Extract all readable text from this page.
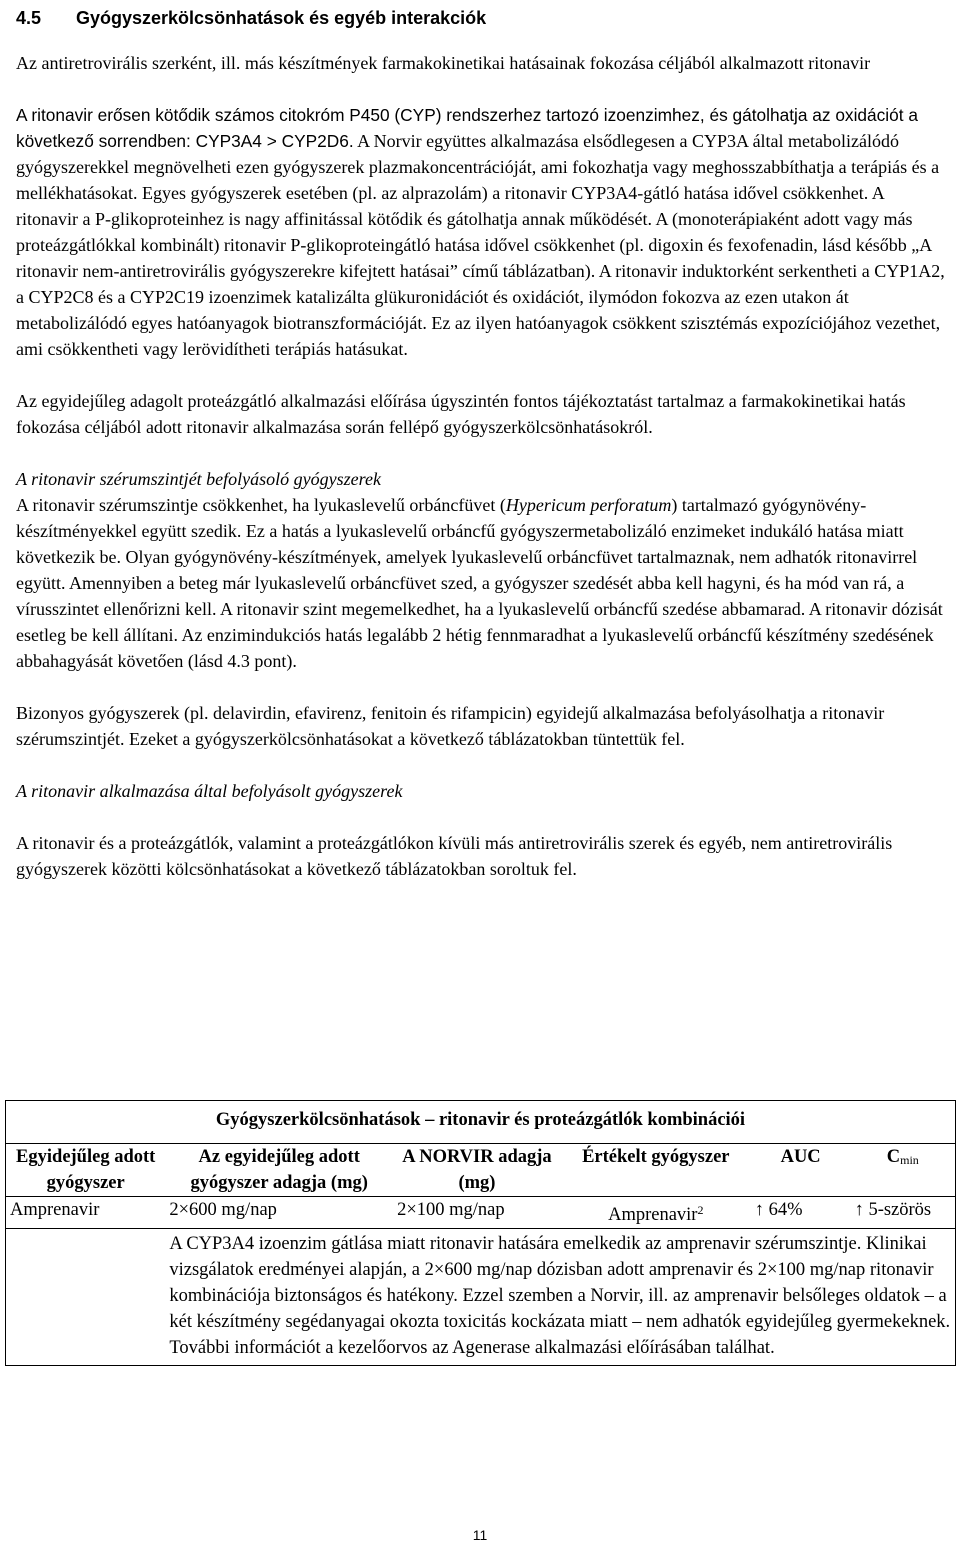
4.5 Gyógyszerkölcsönhatások és egyéb interakciók

Az antiretrovirális szerként, ill. más készítmények farmakokinetikai hatásainak fokozása céljából alkalmazott ritonavir

A ritonavir erősen kötődik számos citokróm P450 (CYP) rendszerhez tartozó izoenzimhez, és gátolhatja az oxidációt a következő sorrendben: CYP3A4 > CYP2D6. A Norvir együttes alkalmazása elsődlegesen a CYP3A által metabolizálódó gyógyszerekkel megnövelheti ezen gyógyszerek plazmakoncentrációját, ami fokozhatja vagy meghosszabbíthatja a terápiás és a mellékhatásokat. Egyes gyógyszerek esetében (pl. az alprazolám) a ritonavir CYP3A4-gátló hatása idővel csökkenhet. A ritonavir a P-glikoproteinhez is nagy affinitással kötődik és gátolhatja annak működését. A (monoterápiaként adott vagy más proteázgátlókkal kombinált) ritonavir P-glikoproteingátló hatása idővel csökkenhet (pl. digoxin és fexofenadin, lásd később „A ritonavir nem-antiretrovirális gyógyszerekre kifejtett hatásai” című táblázatban). A ritonavir induktorként serkentheti a CYP1A2, a CYP2C8 és a CYP2C19 izoenzimek katalizálta glükuronidációt és oxidációt, ilymódon fokozva az ezen utakon át metabolizálódó egyes hatóanyagok biotranszformációját. Ez az ilyen hatóanyagok csökkent szisztémás expozíciójához vezethet, ami csökkentheti vagy lerövidítheti terápiás hatásukat.

Az egyidejűleg adagolt proteázgátló alkalmazási előírása úgyszintén fontos tájékoztatást tartalmaz a farmakokinetikai hatás fokozása céljából adott ritonavir alkalmazása során fellépő gyógyszerkölcsönhatásokról.

A ritonavir szérumszintjét befolyásoló gyógyszerek

A ritonavir szérumszintje csökkenhet, ha lyukaslevelű orbáncfüvet (Hypericum perforatum) tartalmazó gyógynövény-készítményekkel együtt szedik. Ez a hatás a lyukaslevelű orbáncfű gyógyszermetabolizáló enzimeket indukáló hatása miatt következik be. Olyan gyógynövény-készítmények, amelyek lyukaslevelű orbáncfüvet tartalmaznak, nem adhatók ritonavirrel együtt. Amennyiben a beteg már lyukaslevelű orbáncfüvet szed, a gyógyszer szedését abba kell hagyni, és ha mód van rá, a vírusszintet ellenőrizni kell. A ritonavir szint megemelkedhet, ha a lyukaslevelű orbáncfű szedése abbamarad. A ritonavir dózisát esetleg be kell állítani. Az enzimindukciós hatás legalább 2 hétig fennmaradhat a lyukaslevelű orbáncfű készítmény szedésének abbahagyását követően (lásd 4.3 pont).

Bizonyos gyógyszerek (pl. delavirdin, efavirenz, fenitoin és rifampicin) egyidejű alkalmazása befolyásolhatja a ritonavir szérumszintjét. Ezeket a gyógyszerkölcsönhatásokat a következő táblázatokban tüntettük fel.

A ritonavir alkalmazása által befolyásolt gyógyszerek

A ritonavir és a proteázgátlók, valamint a proteázgátlókon kívüli más antiretrovirális szerek és egyéb, nem antiretrovirális gyógyszerek közötti kölcsönhatásokat a következő táblázatokban soroltuk fel.

Gyógyszerkölcsönhatások – ritonavir és proteázgátlók kombinációi					
Egyidejűleg adott gyógyszer	Az egyidejűleg adott gyógyszer adagja (mg)	A NORVIR adagja (mg)	Értékelt gyógyszer	AUC	$C_{min}$
Amprenavir	2×600 mg/nap	2×100 mg/nap	Amprenavir$^2$	↑ 64%	↑ 5-szörös
	A CYP3A4 izoenzim gátlása miatt ritonavir hatására emelkedik az amprenavir szérumszintje. Klinikai vizsgálatok eredményei alapján, a 2×600 mg/nap dózisban adott amprenavir és 2×100 mg/nap ritonavir kombinációja biztonságos és hatékony. Ezzel szemben a Norvir, ill. az amprenavir belsőleges oldatok – a két készítmény segédanyagai okozta toxicitás kockázata miatt – nem adhatók egyidejűleg gyermekeknek. További információt a kezelőorvos az Agenerase alkalmazási előírásában találhat.				
11
